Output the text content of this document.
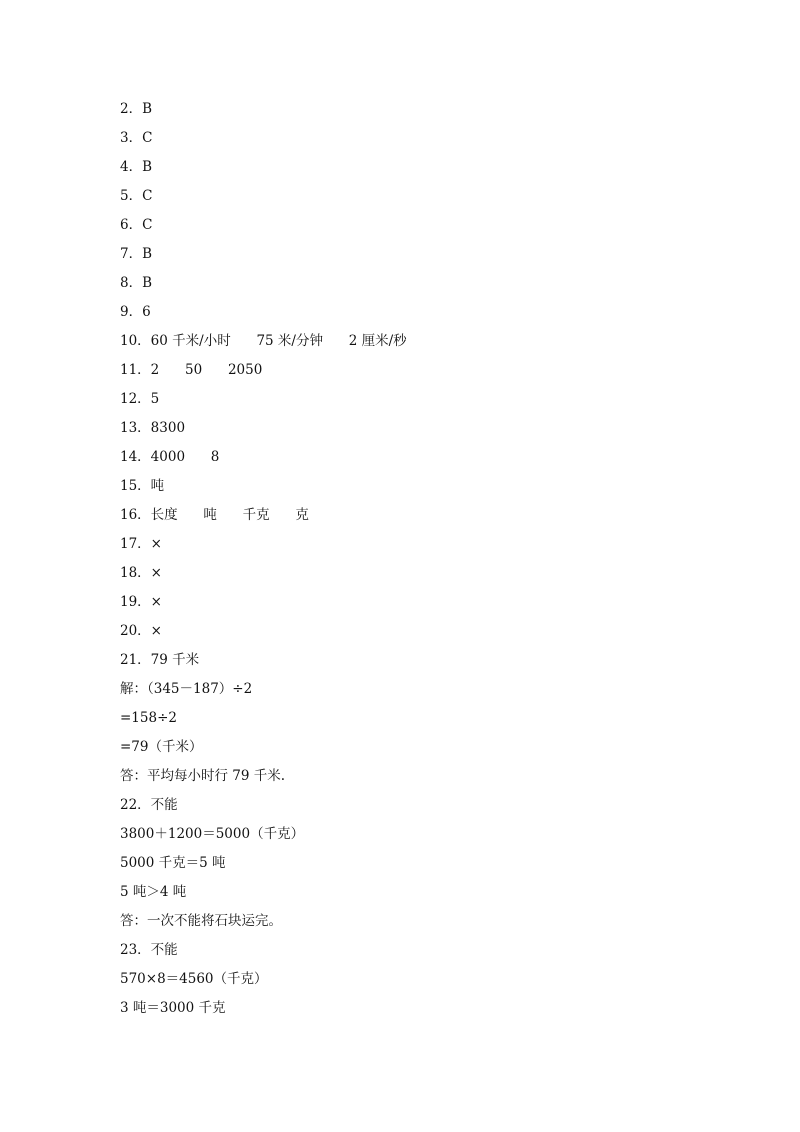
2．B
3．C
4．B
5．C
6．C
7．B
8．B
9．6
10．60 千米/小时      75 米/分钟      2 厘米/秒
11．2      50      2050
12．5
13．8300
14．4000      8
15．吨
16．长度      吨      千克      克
17．×
18．×
19．×
20．×
21．79 千米
解：（345－187）÷2
=158÷2
=79（千米）
答：平均每小时行 79 千米.
22．不能
3800＋1200＝5000（千克）
5000 千克＝5 吨
5 吨＞4 吨
答：一次不能将石块运完。
23．不能
570×8＝4560（千克）
3 吨＝3000 千克
